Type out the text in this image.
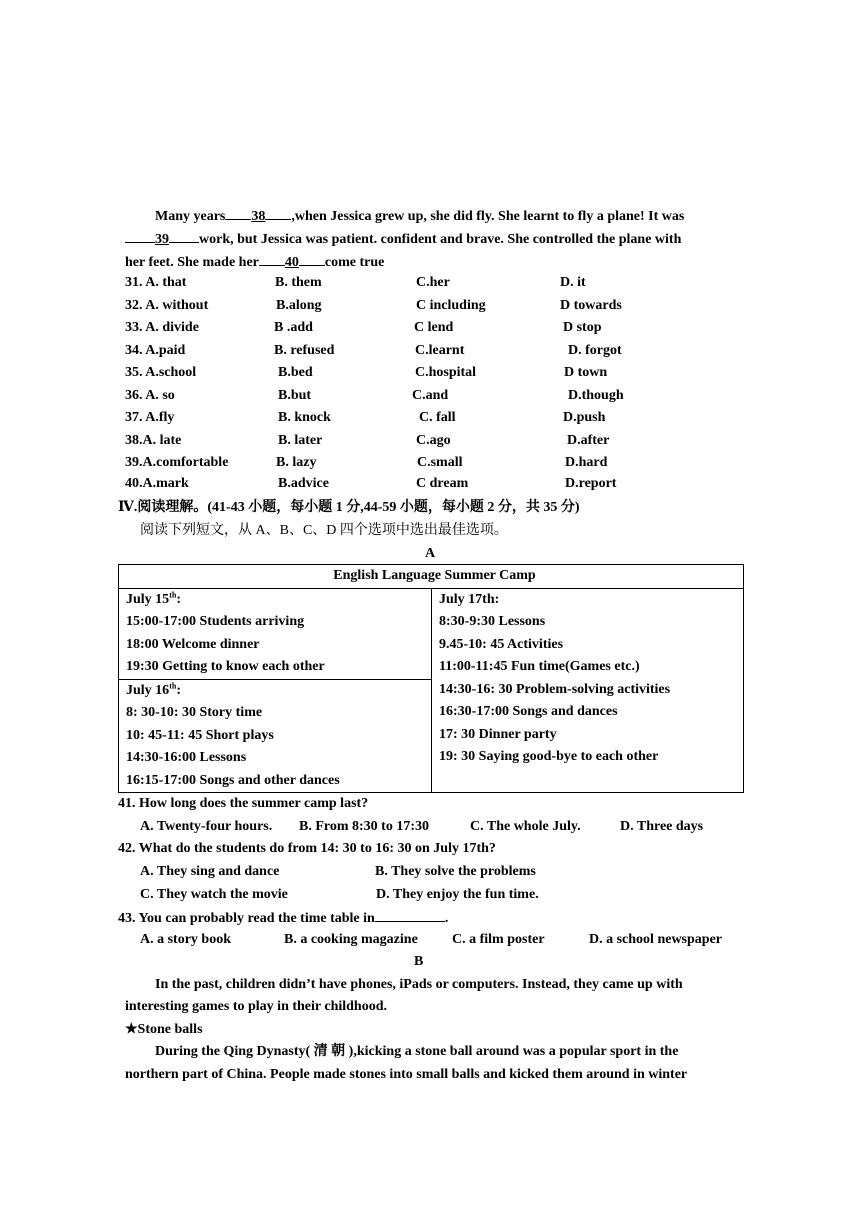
Many years 38 ,when Jessica grew up, she did fly. She learnt to fly a plane! It was
39 work, but Jessica was patient. confident and brave. She controlled the plane with
her feet. She made her 40 come true
31. A. that	B. them	C.her	D. it
32. A. without	B.along	C including	D towards
33. A. divide	B .add	C lend	D stop
34. A.paid	B. refused	C.learnt	D. forgot
35. A.school	B.bed	C.hospital	D town
36. A. so	B.but	C.and	D.though
37. A.fly	B. knock	C. fall	D.push
38.A. late	B. later	C.ago	D.after
39.A.comfortable	B. lazy	C.small	D.hard
40.A.mark	B.advice	C dream	D.report
Ⅳ.阅读理解。(41-43 小题，每小题 1 分,44-59 小题，每小题 2 分，共 35 分)
阅读下列短文，从 A、B、C、D 四个选项中选出最佳选项。
A
English Language Summer Camp

July 15th:
15:00-17:00 Students arriving
18:00 Welcome dinner
19:30 Getting to know each other

July 17th:
8:30-9:30 Lessons
9.45-10: 45 Activities
11:00-11:45 Fun time(Games etc.)
14:30-16: 30 Problem-solving activities
16:30-17:00 Songs and dances
17: 30 Dinner party
19: 30 Saying good-bye to each other

July 16th:
8: 30-10: 30 Story time
10: 45-11: 45 Short plays
14:30-16:00 Lessons
16:15-17:00 Songs and other dances
41. How long does the summer camp last?
A. Twenty-four hours. B. From 8:30 to 17:30	C. The whole July.	D. Three days
42. What do the students do from 14: 30 to 16: 30 on July 17th?
A. They sing and dance	B. They solve the problems
C. They watch the movie	D. They enjoy the fun time.
43. You can probably read the time table in	.
A. a story book	B. a cooking magazine C. a film poster	D. a school newspaper
B
In the past, children didn’t have phones, iPads or computers. Instead, they came up with
interesting games to play in their childhood.
★Stone balls
During the Qing Dynasty( 清 朝 ),kicking a stone ball around was a popular sport in the
northern part of China. People made stones into small balls and kicked them around in winter
